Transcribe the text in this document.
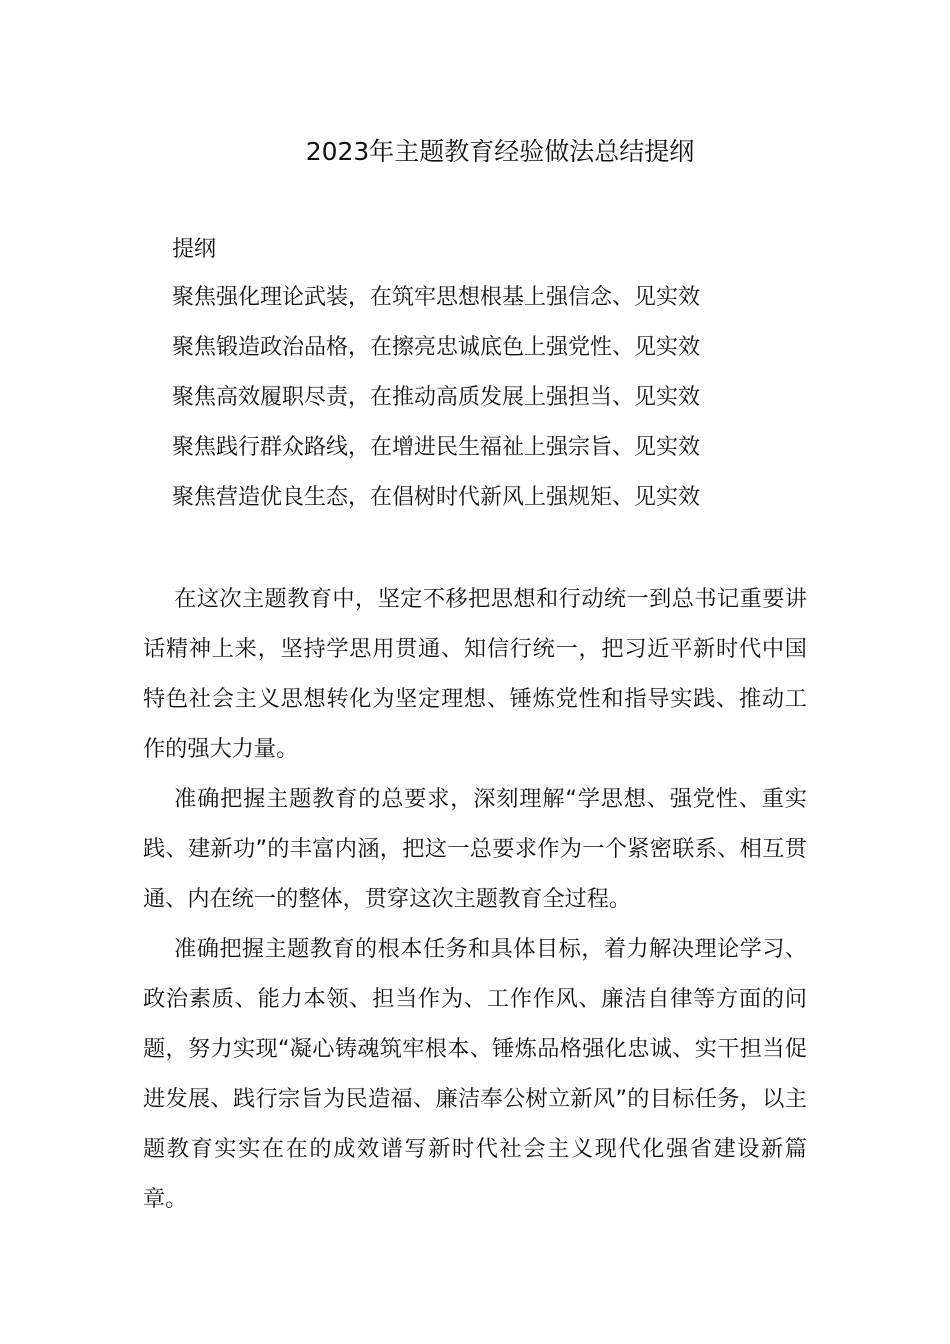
2023年主题教育经验做法总结提纲
提纲
聚焦强化理论武装，在筑牢思想根基上强信念、见实效
聚焦锻造政治品格，在擦亮忠诚底色上强党性、见实效
聚焦高效履职尽责，在推动高质发展上强担当、见实效
聚焦践行群众路线，在增进民生福祉上强宗旨、见实效
聚焦营造优良生态，在倡树时代新风上强规矩、见实效

在这次主题教育中，坚定不移把思想和行动统一到总书记重要讲话精神上来，坚持学思用贯通、知信行统一，把习近平新时代中国特色社会主义思想转化为坚定理想、锤炼党性和指导实践、推动工作的强大力量。

准确把握主题教育的总要求，深刻理解“学思想、强党性、重实践、建新功”的丰富内涵，把这一总要求作为一个紧密联系、相互贯通、内在统一的整体，贯穿这次主题教育全过程。

准确把握主题教育的根本任务和具体目标，着力解决理论学习、政治素质、能力本领、担当作为、工作作风、廉洁自律等方面的问题，努力实现“凝心铸魂筑牢根本、锤炼品格强化忠诚、实干担当促进发展、践行宗旨为民造福、廉洁奉公树立新风”的目标任务，以主题教育实实在在的成效谱写新时代社会主义现代化强省建设新篇章。
